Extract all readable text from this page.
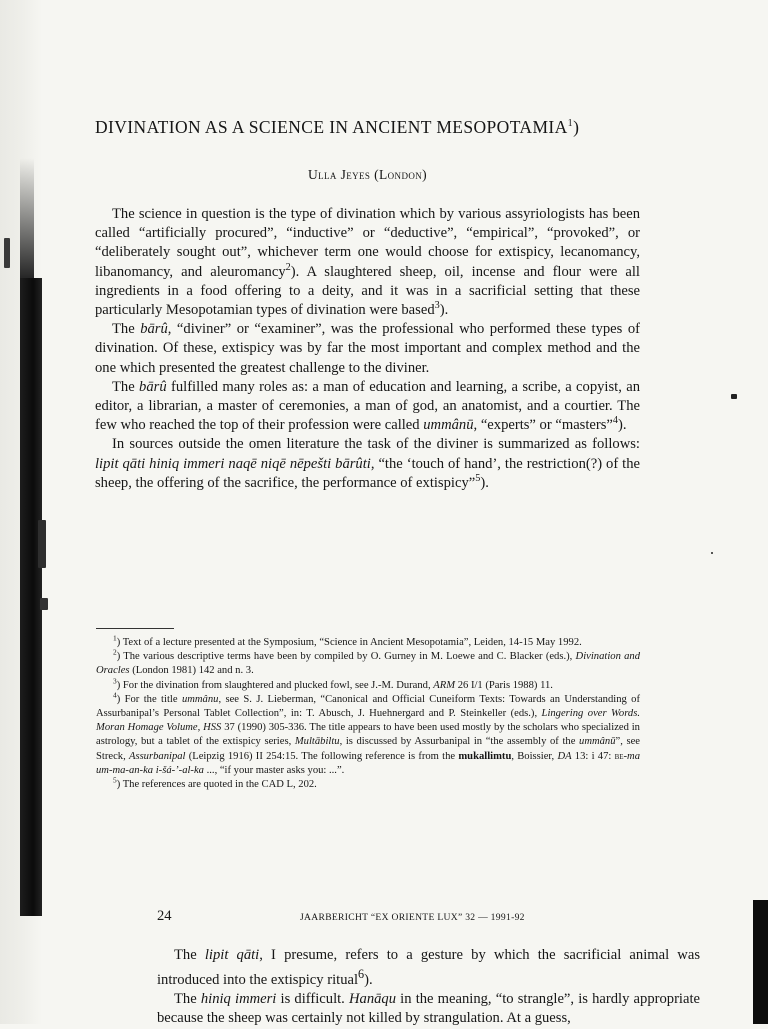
DIVINATION AS A SCIENCE IN ANCIENT MESOPOTAMIA$^1$)
Ulla Jeyes (London)

The science in question is the type of divination which by various assyriologists has been called “artificially procured”, “inductive” or “deductive”, “empirical”, “provoked”, or “deliberately sought out”, whichever term one would choose for extispicy, lecanomancy, libanomancy, and aleuromancy$^2$). A slaughtered sheep, oil, incense and flour were all ingredients in a food offering to a deity, and it was in a sacrificial setting that these particularly Mesopotamian types of divination were based$^3$).

The bārû, “diviner” or “examiner”, was the professional who performed these types of divination. Of these, extispicy was by far the most important and complex method and the one which presented the greatest challenge to the diviner.

The bārû fulfilled many roles as: a man of education and learning, a scribe, a copyist, an editor, a librarian, a master of ceremonies, a man of god, an anatomist, and a courtier. The few who reached the top of their profession were called ummânū, “experts” or “masters”$^4$).

In sources outside the omen literature the task of the diviner is summarized as follows: lipit qāti hiniq immeri naqē niqē nēpešti bārûti, “the ‘touch of hand’, the restriction(?) of the sheep, the offering of the sacrifice, the performance of extispicy”$^5$).

$^1$) Text of a lecture presented at the Symposium, “Science in Ancient Mesopotamia”, Leiden, 14-15 May 1992.

$^2$) The various descriptive terms have been by compiled by O. Gurney in M. Loewe and C. Blacker (eds.), Divination and Oracles (London 1981) 142 and n. 3.

$^3$) For the divination from slaughtered and plucked fowl, see J.-M. Durand, ARM 26 I/1 (Paris 1988) 11.

$^4$) For the title ummânu, see S. J. Lieberman, “Canonical and Official Cuneiform Texts: Towards an Understanding of Assurbanipal’s Personal Tablet Collection”, in: T. Abusch, J. Huehnergard and P. Steinkeller (eds.), Lingering over Words. Moran Homage Volume, HSS 37 (1990) 305-336. The title appears to have been used mostly by the scholars who specialized in astrology, but a tablet of the extispicy series, Multābiltu, is discussed by Assurbanipal in “the assembly of the ummânū”, see Streck, Assurbanipal (Leipzig 1916) II 254:15. The following reference is from the mukallimtu, Boissier, DA 13: i 47: be-ma um-ma-an-ka i-šá-’-al-ka ..., “if your master asks you: ...”.

$^5$) The references are quoted in the CAD L, 202.

24	JAARBERICHT “EX ORIENTE LUX” 32 — 1991-92

The lipit qāti, I presume, refers to a gesture by which the sacrificial animal was introduced into the extispicy ritual$^6$).

The hiniq immeri is difficult. Hanāqu in the meaning, “to strangle”, is hardly appropriate because the sheep was certainly not killed by strangulation. At a guess,
